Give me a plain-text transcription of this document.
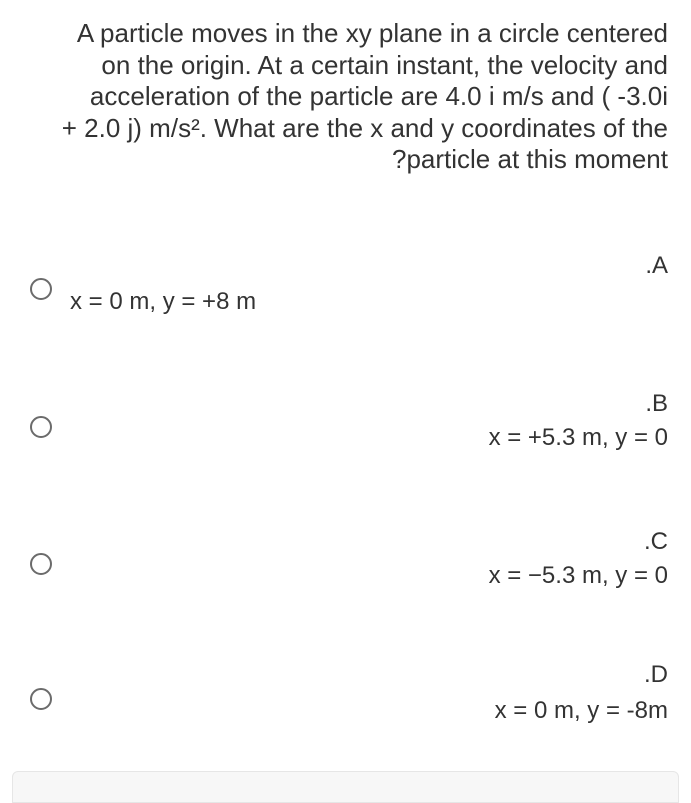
A particle moves in the xy plane in a circle centered
on the origin. At a certain instant, the velocity and
acceleration of the particle are 4.0 i m/s and ( -3.0i
+ 2.0 j) m/s². What are the x and y coordinates of the
?particle at this moment
.A
x = 0 m, y = +8 m
.B
x = +5.3 m, y = 0
.C
x = −5.3 m, y = 0
.D
x = 0 m, y = -8m
